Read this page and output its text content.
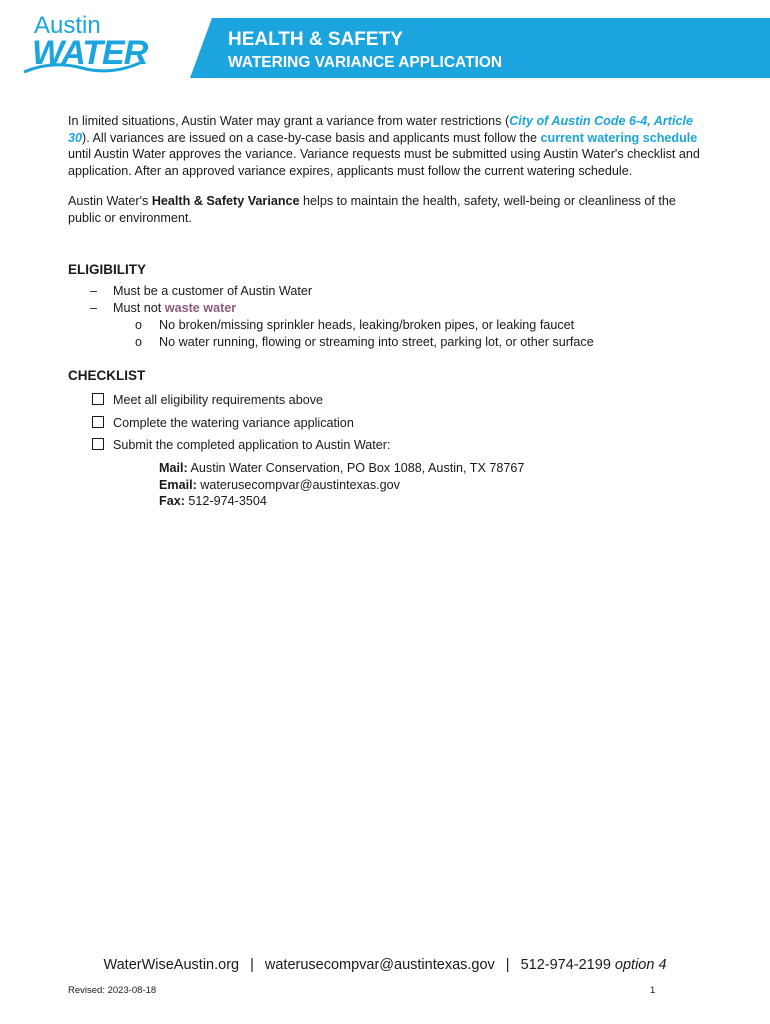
Austin
WATER	HEALTH & SAFETY
WATERING VARIANCE APPLICATION

In limited situations, Austin Water may grant a variance from water restrictions (City of Austin Code 6-4, Article 30). All variances are issued on a case-by-case basis and applicants must follow the current watering schedule until Austin Water approves the variance. Variance requests must be submitted using Austin Water's checklist and application. After an approved variance expires, applicants must follow the current watering schedule.

Austin Water's Health & Safety Variance helps to maintain the health, safety, well-being or cleanliness of the public or environment.

ELIGIBILITY
– Must be a customer of Austin Water
– Must not waste water
o No broken/missing sprinkler heads, leaking/broken pipes, or leaking faucet
o No water running, flowing or streaming into street, parking lot, or other surface
CHECKLIST
Meet all eligibility requirements above
Complete the watering variance application
Submit the completed application to Austin Water:
Mail: Austin Water Conservation, PO Box 1088, Austin, TX 78767
Email: waterusecompvar@austintexas.gov
Fax: 512-974-3504
WaterWiseAustin.org | waterusecompvar@austintexas.gov | 512-974-2199 option 4
Revised: 2023-08-18	1
